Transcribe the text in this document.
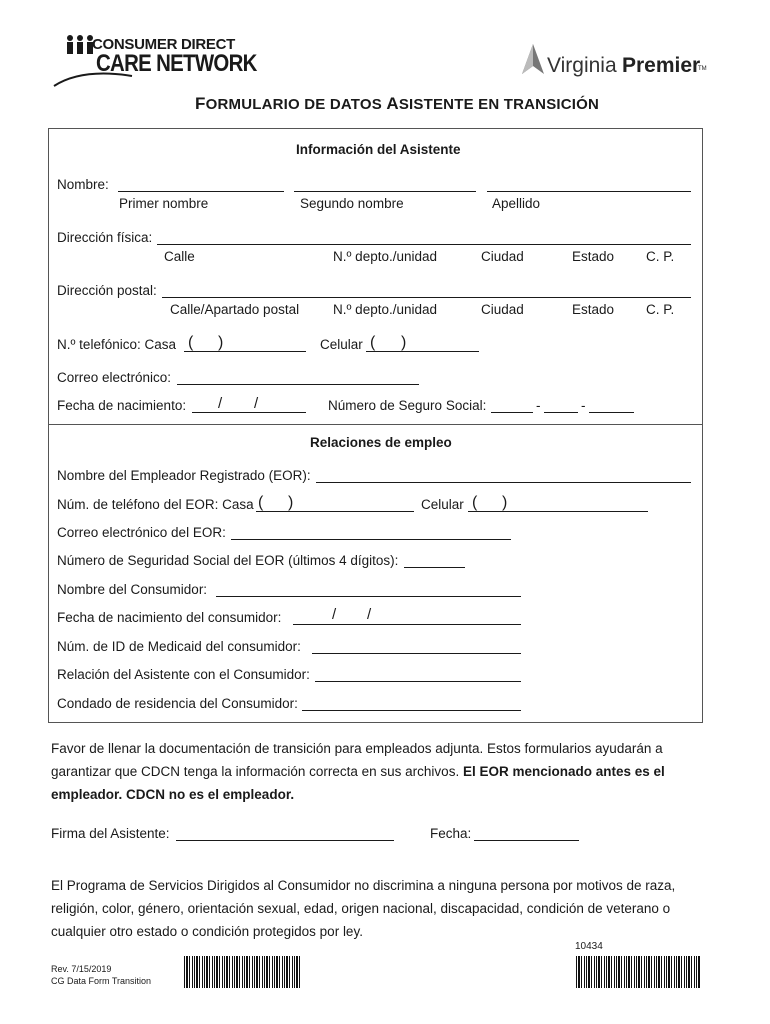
CONSUMER DIRECT
CARE NETWORK	Virginia Premier
TM
FORMULARIO DE DATOS ASISTENTE EN TRANSICIÓN
Información del Asistente
Nombre:
Primer nombre	Segundo nombre	Apellido
Dirección física:
Calle	N.º depto./unidad	Ciudad	Estado C. P.
Dirección postal:
Calle/Apartado postal	N.º depto./unidad	Ciudad	Estado C. P.
N.º telefónico: Casa ( )	Celular ( )
Correo electrónico:
Fecha de nacimiento: / /	Número de Seguro Social:	-	-
Relaciones de empleo
Nombre del Empleador Registrado (EOR):
Núm. de teléfono del EOR: Casa ( )	Celular ( )
Correo electrónico del EOR:
Número de Seguridad Social del EOR (últimos 4 dígitos):
Nombre del Consumidor:
Fecha de nacimiento del consumidor:	/ /
Núm. de ID de Medicaid del consumidor:
Relación del Asistente con el Consumidor:
Condado de residencia del Consumidor:
Favor de llenar la documentación de transición para empleados adjunta. Estos formularios ayudarán a garantizar que CDCN tenga la información correcta en sus archivos. El EOR mencionado antes es el empleador. CDCN no es el empleador.
Firma del Asistente:	Fecha:
El Programa de Servicios Dirigidos al Consumidor no discrimina a ninguna persona por motivos de raza, religión, color, género, orientación sexual, edad, origen nacional, discapacidad, condición de veterano o cualquier otro estado o condición protegidos por ley.
Rev. 7/15/2019
CG Data Form Transition
10434
